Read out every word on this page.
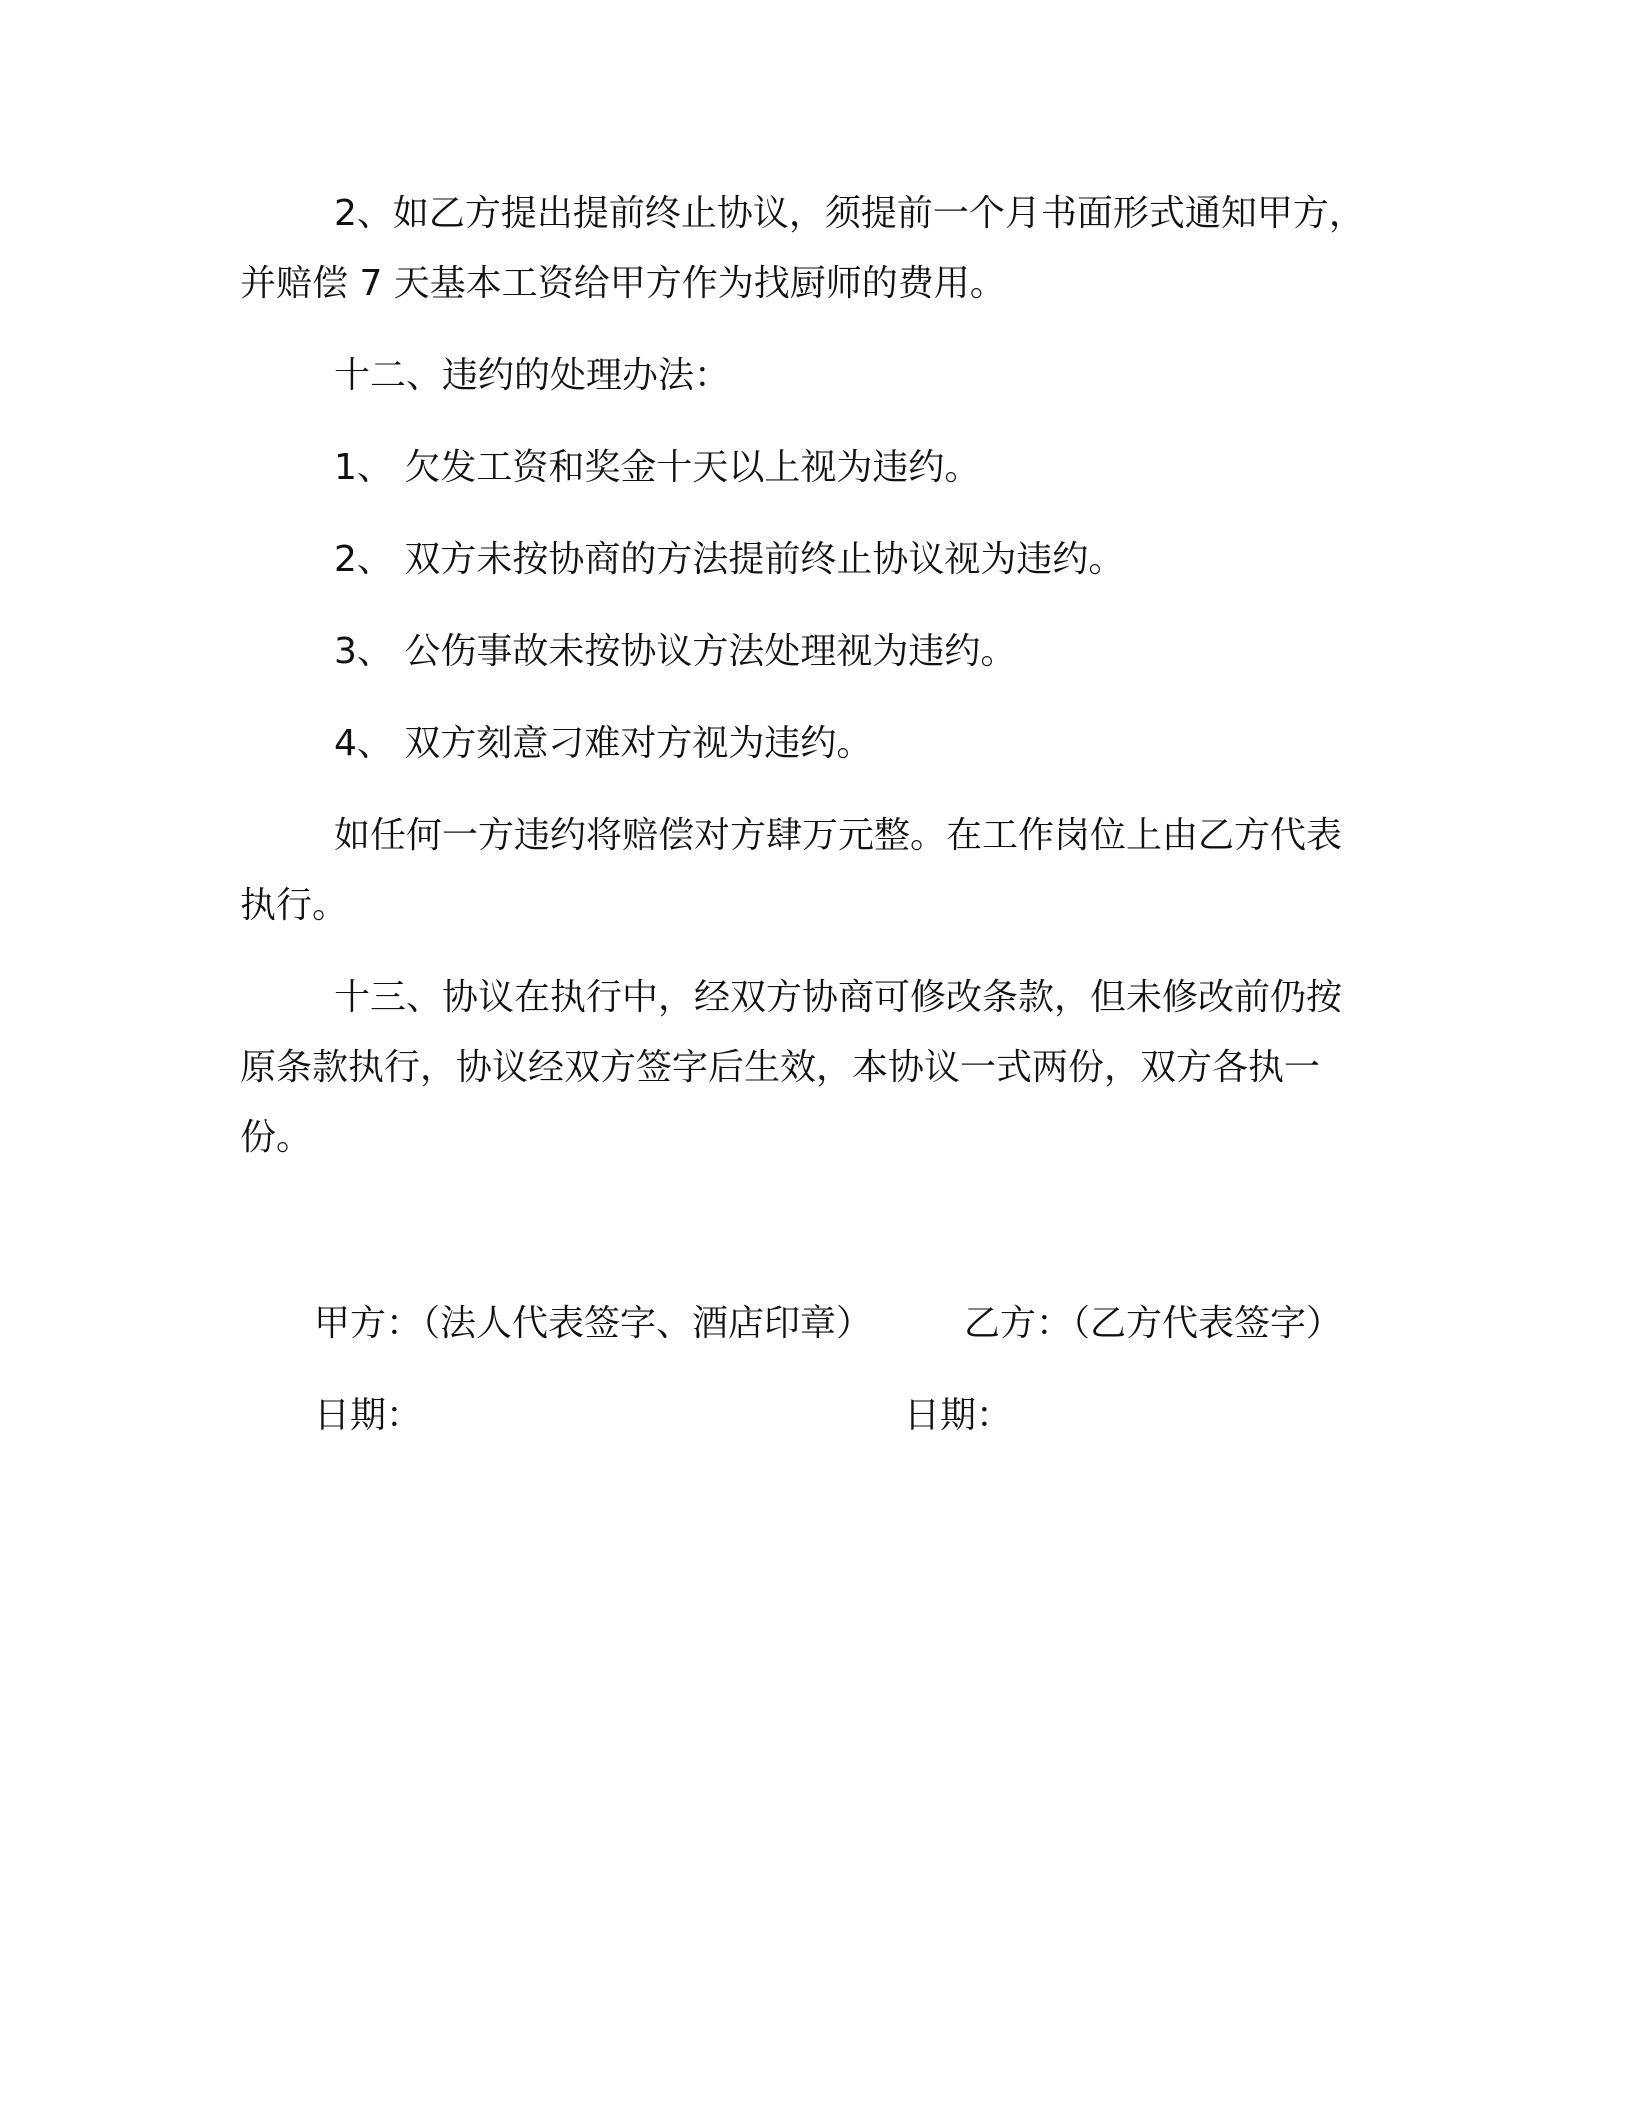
2、如乙方提出提前终止协议，须提前一个月书面形式通知甲方，
并赔偿 7 天基本工资给甲方作为找厨师的费用。
十二、违约的处理办法：
1、 欠发工资和奖金十天以上视为违约。
2、 双方未按协商的方法提前终止协议视为违约。
3、 公伤事故未按协议方法处理视为违约。
4、 双方刻意刁难对方视为违约。
如任何一方违约将赔偿对方肆万元整。在工作岗位上由乙方代表
执行。
十三、协议在执行中，经双方协商可修改条款，但未修改前仍按
原条款执行，协议经双方签字后生效，本协议一式两份，双方各执一
份。
甲方：（法人代表签字、酒店印章）	乙方：（乙方代表签字）
日期：	日期：
